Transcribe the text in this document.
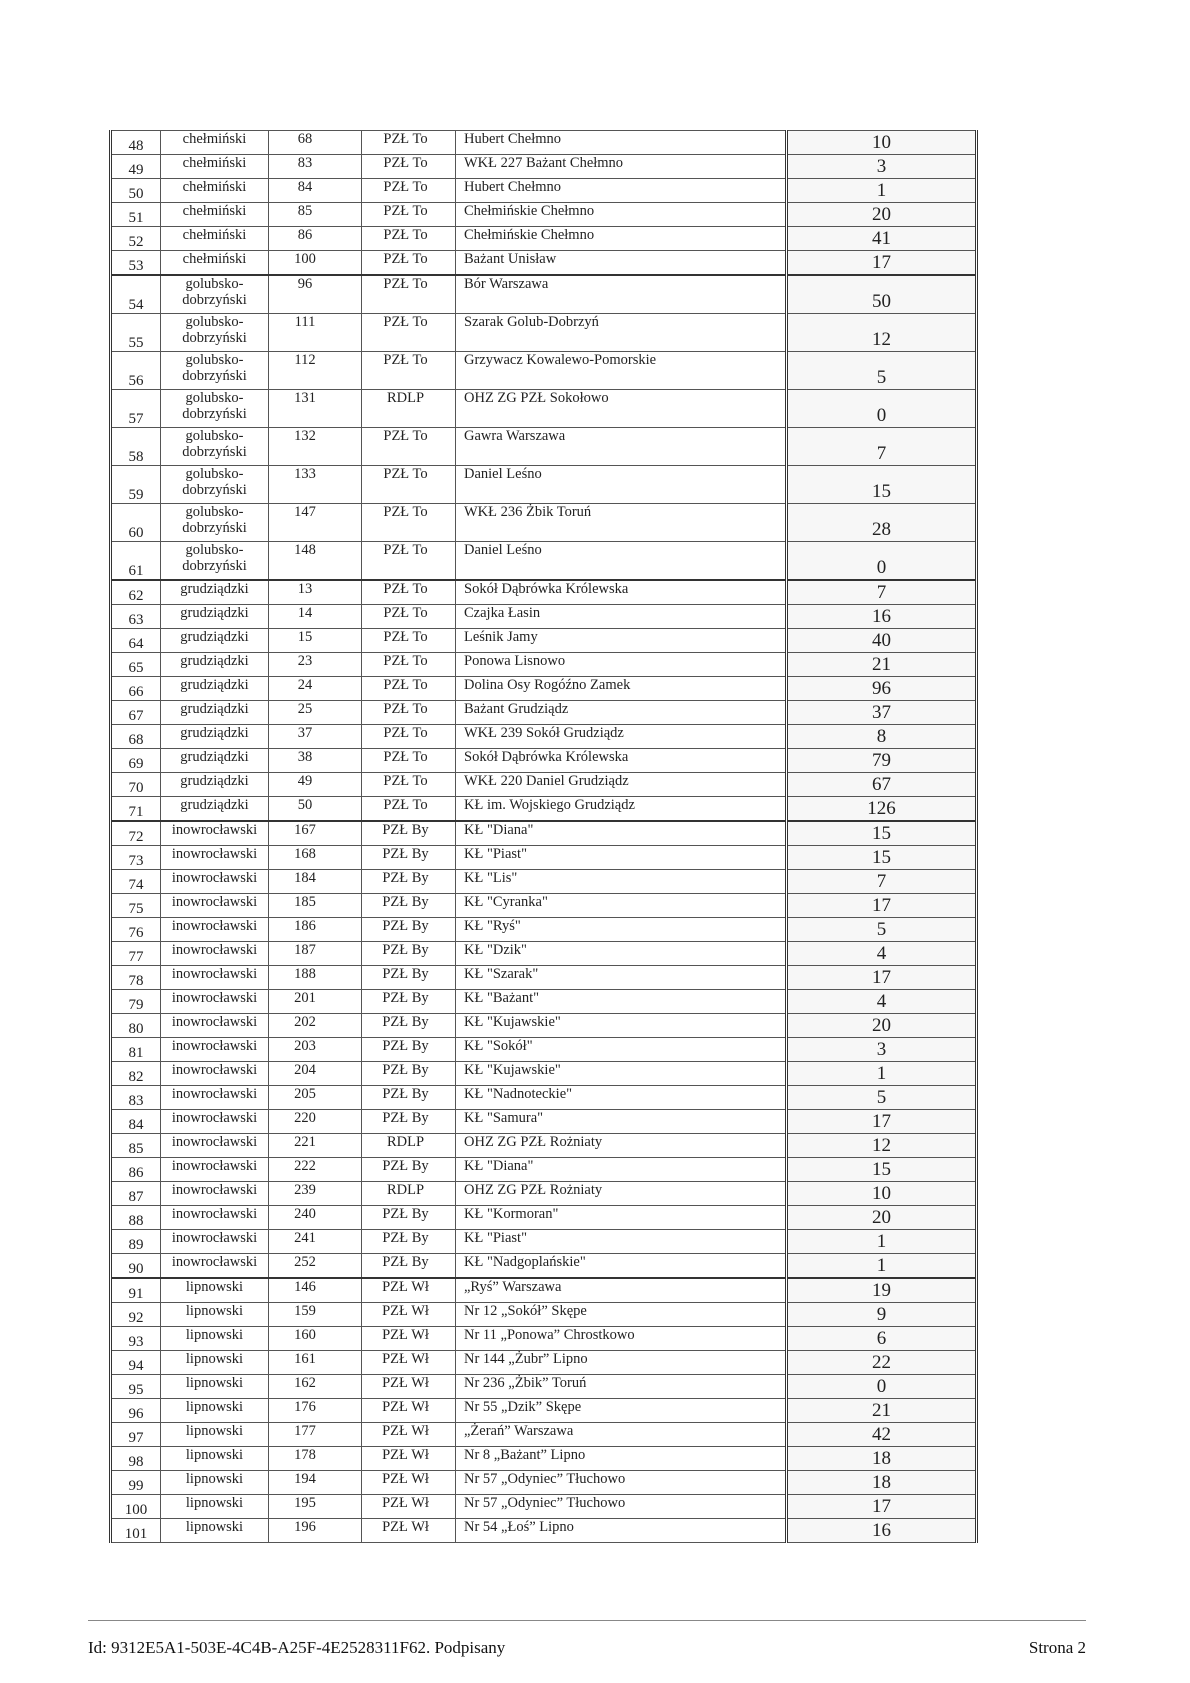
48	chełmiński	68	PZŁ To	Hubert Chełmno	10
49	chełmiński	83	PZŁ To	WKŁ 227 Bażant Chełmno	3
50	chełmiński	84	PZŁ To	Hubert Chełmno	1
51	chełmiński	85	PZŁ To	Chełmińskie Chełmno	20
52	chełmiński	86	PZŁ To	Chełmińskie Chełmno	41
53	chełmiński	100	PZŁ To	Bażant Unisław	17
54	golubsko-dobrzyński	96	PZŁ To	Bór Warszawa	50
55	golubsko-dobrzyński	111	PZŁ To	Szarak Golub-Dobrzyń	12
56	golubsko-dobrzyński	112	PZŁ To	Grzywacz Kowalewo-Pomorskie	5
57	golubsko-dobrzyński	131	RDLP	OHZ ZG PZŁ Sokołowo	0
58	golubsko-dobrzyński	132	PZŁ To	Gawra Warszawa	7
59	golubsko-dobrzyński	133	PZŁ To	Daniel Leśno	15
60	golubsko-dobrzyński	147	PZŁ To	WKŁ 236 Żbik Toruń	28
61	golubsko-dobrzyński	148	PZŁ To	Daniel Leśno	0
62	grudziądzki	13	PZŁ To	Sokół Dąbrówka Królewska	7
63	grudziądzki	14	PZŁ To	Czajka Łasin	16
64	grudziądzki	15	PZŁ To	Leśnik Jamy	40
65	grudziądzki	23	PZŁ To	Ponowa Lisnowo	21
66	grudziądzki	24	PZŁ To	Dolina Osy Rogóźno Zamek	96
67	grudziądzki	25	PZŁ To	Bażant Grudziądz	37
68	grudziądzki	37	PZŁ To	WKŁ 239 Sokół Grudziądz	8
69	grudziądzki	38	PZŁ To	Sokół Dąbrówka Królewska	79
70	grudziądzki	49	PZŁ To	WKŁ 220 Daniel Grudziądz	67
71	grudziądzki	50	PZŁ To	KŁ im. Wojskiego Grudziądz	126
72	inowrocławski	167	PZŁ By	KŁ "Diana"	15
73	inowrocławski	168	PZŁ By	KŁ "Piast"	15
74	inowrocławski	184	PZŁ By	KŁ "Lis"	7
75	inowrocławski	185	PZŁ By	KŁ "Cyranka"	17
76	inowrocławski	186	PZŁ By	KŁ "Ryś"	5
77	inowrocławski	187	PZŁ By	KŁ "Dzik"	4
78	inowrocławski	188	PZŁ By	KŁ "Szarak"	17
79	inowrocławski	201	PZŁ By	KŁ "Bażant"	4
80	inowrocławski	202	PZŁ By	KŁ "Kujawskie"	20
81	inowrocławski	203	PZŁ By	KŁ "Sokół"	3
82	inowrocławski	204	PZŁ By	KŁ "Kujawskie"	1
83	inowrocławski	205	PZŁ By	KŁ "Nadnoteckie"	5
84	inowrocławski	220	PZŁ By	KŁ "Samura"	17
85	inowrocławski	221	RDLP	OHZ ZG PZŁ Rożniaty	12
86	inowrocławski	222	PZŁ By	KŁ "Diana"	15
87	inowrocławski	239	RDLP	OHZ ZG PZŁ Rożniaty	10
88	inowrocławski	240	PZŁ By	KŁ "Kormoran"	20
89	inowrocławski	241	PZŁ By	KŁ "Piast"	1
90	inowrocławski	252	PZŁ By	KŁ "Nadgoplańskie"	1
91	lipnowski	146	PZŁ Wł	„Ryś” Warszawa	19
92	lipnowski	159	PZŁ Wł	Nr 12 „Sokół” Skępe	9
93	lipnowski	160	PZŁ Wł	Nr 11 „Ponowa” Chrostkowo	6
94	lipnowski	161	PZŁ Wł	Nr 144 „Żubr” Lipno	22
95	lipnowski	162	PZŁ Wł	Nr 236 „Żbik” Toruń	0
96	lipnowski	176	PZŁ Wł	Nr 55 „Dzik” Skępe	21
97	lipnowski	177	PZŁ Wł	„Żerań” Warszawa	42
98	lipnowski	178	PZŁ Wł	Nr 8 „Bażant” Lipno	18
99	lipnowski	194	PZŁ Wł	Nr 57 „Odyniec” Tłuchowo	18
100	lipnowski	195	PZŁ Wł	Nr 57 „Odyniec” Tłuchowo	17
101	lipnowski	196	PZŁ Wł	Nr 54 „Łoś” Lipno	16
Id: 9312E5A1-503E-4C4B-A25F-4E2528311F62. Podpisany	Strona 2
